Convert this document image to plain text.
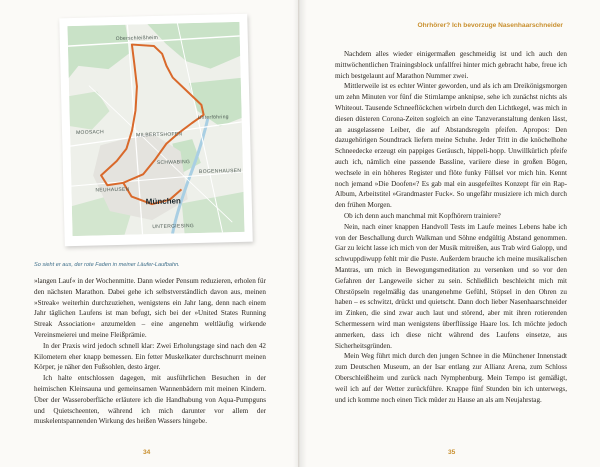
Oberschleißheim
Unterföhring
MOOSACH	MILBERTSHOFEN
SCHWABING
BOGENHAUSEN
NEUHAUSEN
München
UNTERGIESING
So sieht er aus, der rote Faden in meiner Läufer-Laufbahn.

»langen Lauf« in der Wochenmitte. Dann wieder Pensum reduzieren, erholen für den nächsten Marathon. Dabei gehe ich selbstverständlich davon aus, meinen »Streak« weiterhin durchzuziehen, wenigstens ein Jahr lang, denn nach einem Jahr täglichen Laufens ist man befugt, sich bei der »United States Running Streak Association« anzumelden – eine angenehm weltläufig wirkende Vereinsmeierei und meine Fleißprämie.

In der Praxis wird jedoch schnell klar: Zwei Erholungstage sind nach den 42 Kilometern eher knapp bemessen. Ein fetter Muskelkater durchschnurrt meinen Körper, je näher den Fußsohlen, desto ärger.

Ich halte entschlossen dagegen, mit ausführlichen Besuchen in der heimischen Kleinsauna und gemeinsamen Wannenbädern mit meinen Kindern. Über der Wasseroberfläche erläutere ich die Handhabung von Aqua-Pumpguns und Quietscheenten, während ich mich darunter vor allem der muskelentspannenden Wirkung des heißen Wassers hingebe.

34

Nachdem alles wieder einigermaßen geschmeidig ist und ich auch den mittwöchentlichen Trainingsblock unfallfrei hinter mich gebracht habe, freue ich mich bestgelaunt auf Marathon Nummer zwei.

Mittlerweile ist es echter Winter geworden, und als ich am Dreikönigsmorgen um zehn Minuten vor fünf die Stirnlampe anknipse, sehe ich zunächst nichts als Whiteout. Tausende Schneeflöckchen wirbeln durch den Lichtkegel, was mich in diesen düsteren Corona-Zeiten sogleich an eine Tanzveranstaltung denken lässt, an ausgelassene Leiber, die auf Abstandsregeln pfeifen. Apropos: Den dazugehörigen Soundtrack liefern meine Schuhe. Jeder Tritt in die knöchelhohe Schneedecke erzeugt ein pappiges Geräusch, hippeli-hopp. Unwillkürlich pfeife auch ich, nämlich eine passende Bassline, variiere diese in großen Bögen, wechsele in ein höheres Register und flöte funky Füllsel vor mich hin. Kennt noch jemand »Die Doofen«? Es gab mal ein ausgefeiltes Konzept für ein Rap-Album, Arbeitstitel »Grandmaster Fuck«. So ungefähr musiziere ich mich durch den frühen Morgen.

Ob ich denn auch manchmal mit Kopfhörern trainiere?

Nein, nach einer knappen Handvoll Tests im Laufe meines Lebens habe ich von der Beschallung durch Walkman und Söhne endgültig Abstand genommen. Gar zu leicht lasse ich mich von der Musik mitreißen, aus Trab wird Galopp, und schwuppdiwupp fehlt mir die Puste. Außerdem brauche ich meine musikalischen Mantras, um mich in Bewegungsmeditation zu versenken und so vor den Gefahren der Langeweile sicher zu sein. Schließlich beschleicht mich mit Ohrstöpseln regelmäßig das unangenehme Gefühl, Stöpsel in den Ohren zu haben – es schwitzt, drückt und quietscht. Dann doch lieber Nasenhaarschneider im Zinken, die sind zwar auch laut und störend, aber mit ihren rotierenden Schermessern wird man wenigstens überflüssige Haare los. Ich möchte jedoch anmerken, dass ich diese nicht während des Laufens einsetze, aus Sicherheitsgründen.

Mein Weg führt mich durch den jungen Schnee in die Münchener Innenstadt zum Deutschen Museum, an der Isar entlang zur Allianz Arena, zum Schloss Oberschleißheim und zurück nach Nymphenburg. Mein Tempo ist gemäßigt, weil ich auf der Wetter zurückführe. Knappe fünf Stunden bin ich unterwegs, und ich komme noch einen Tick müder zu Hause an als am Neujahrstag.

35
Ohrhörer? Ich bevorzuge Nasenhaarschneider
